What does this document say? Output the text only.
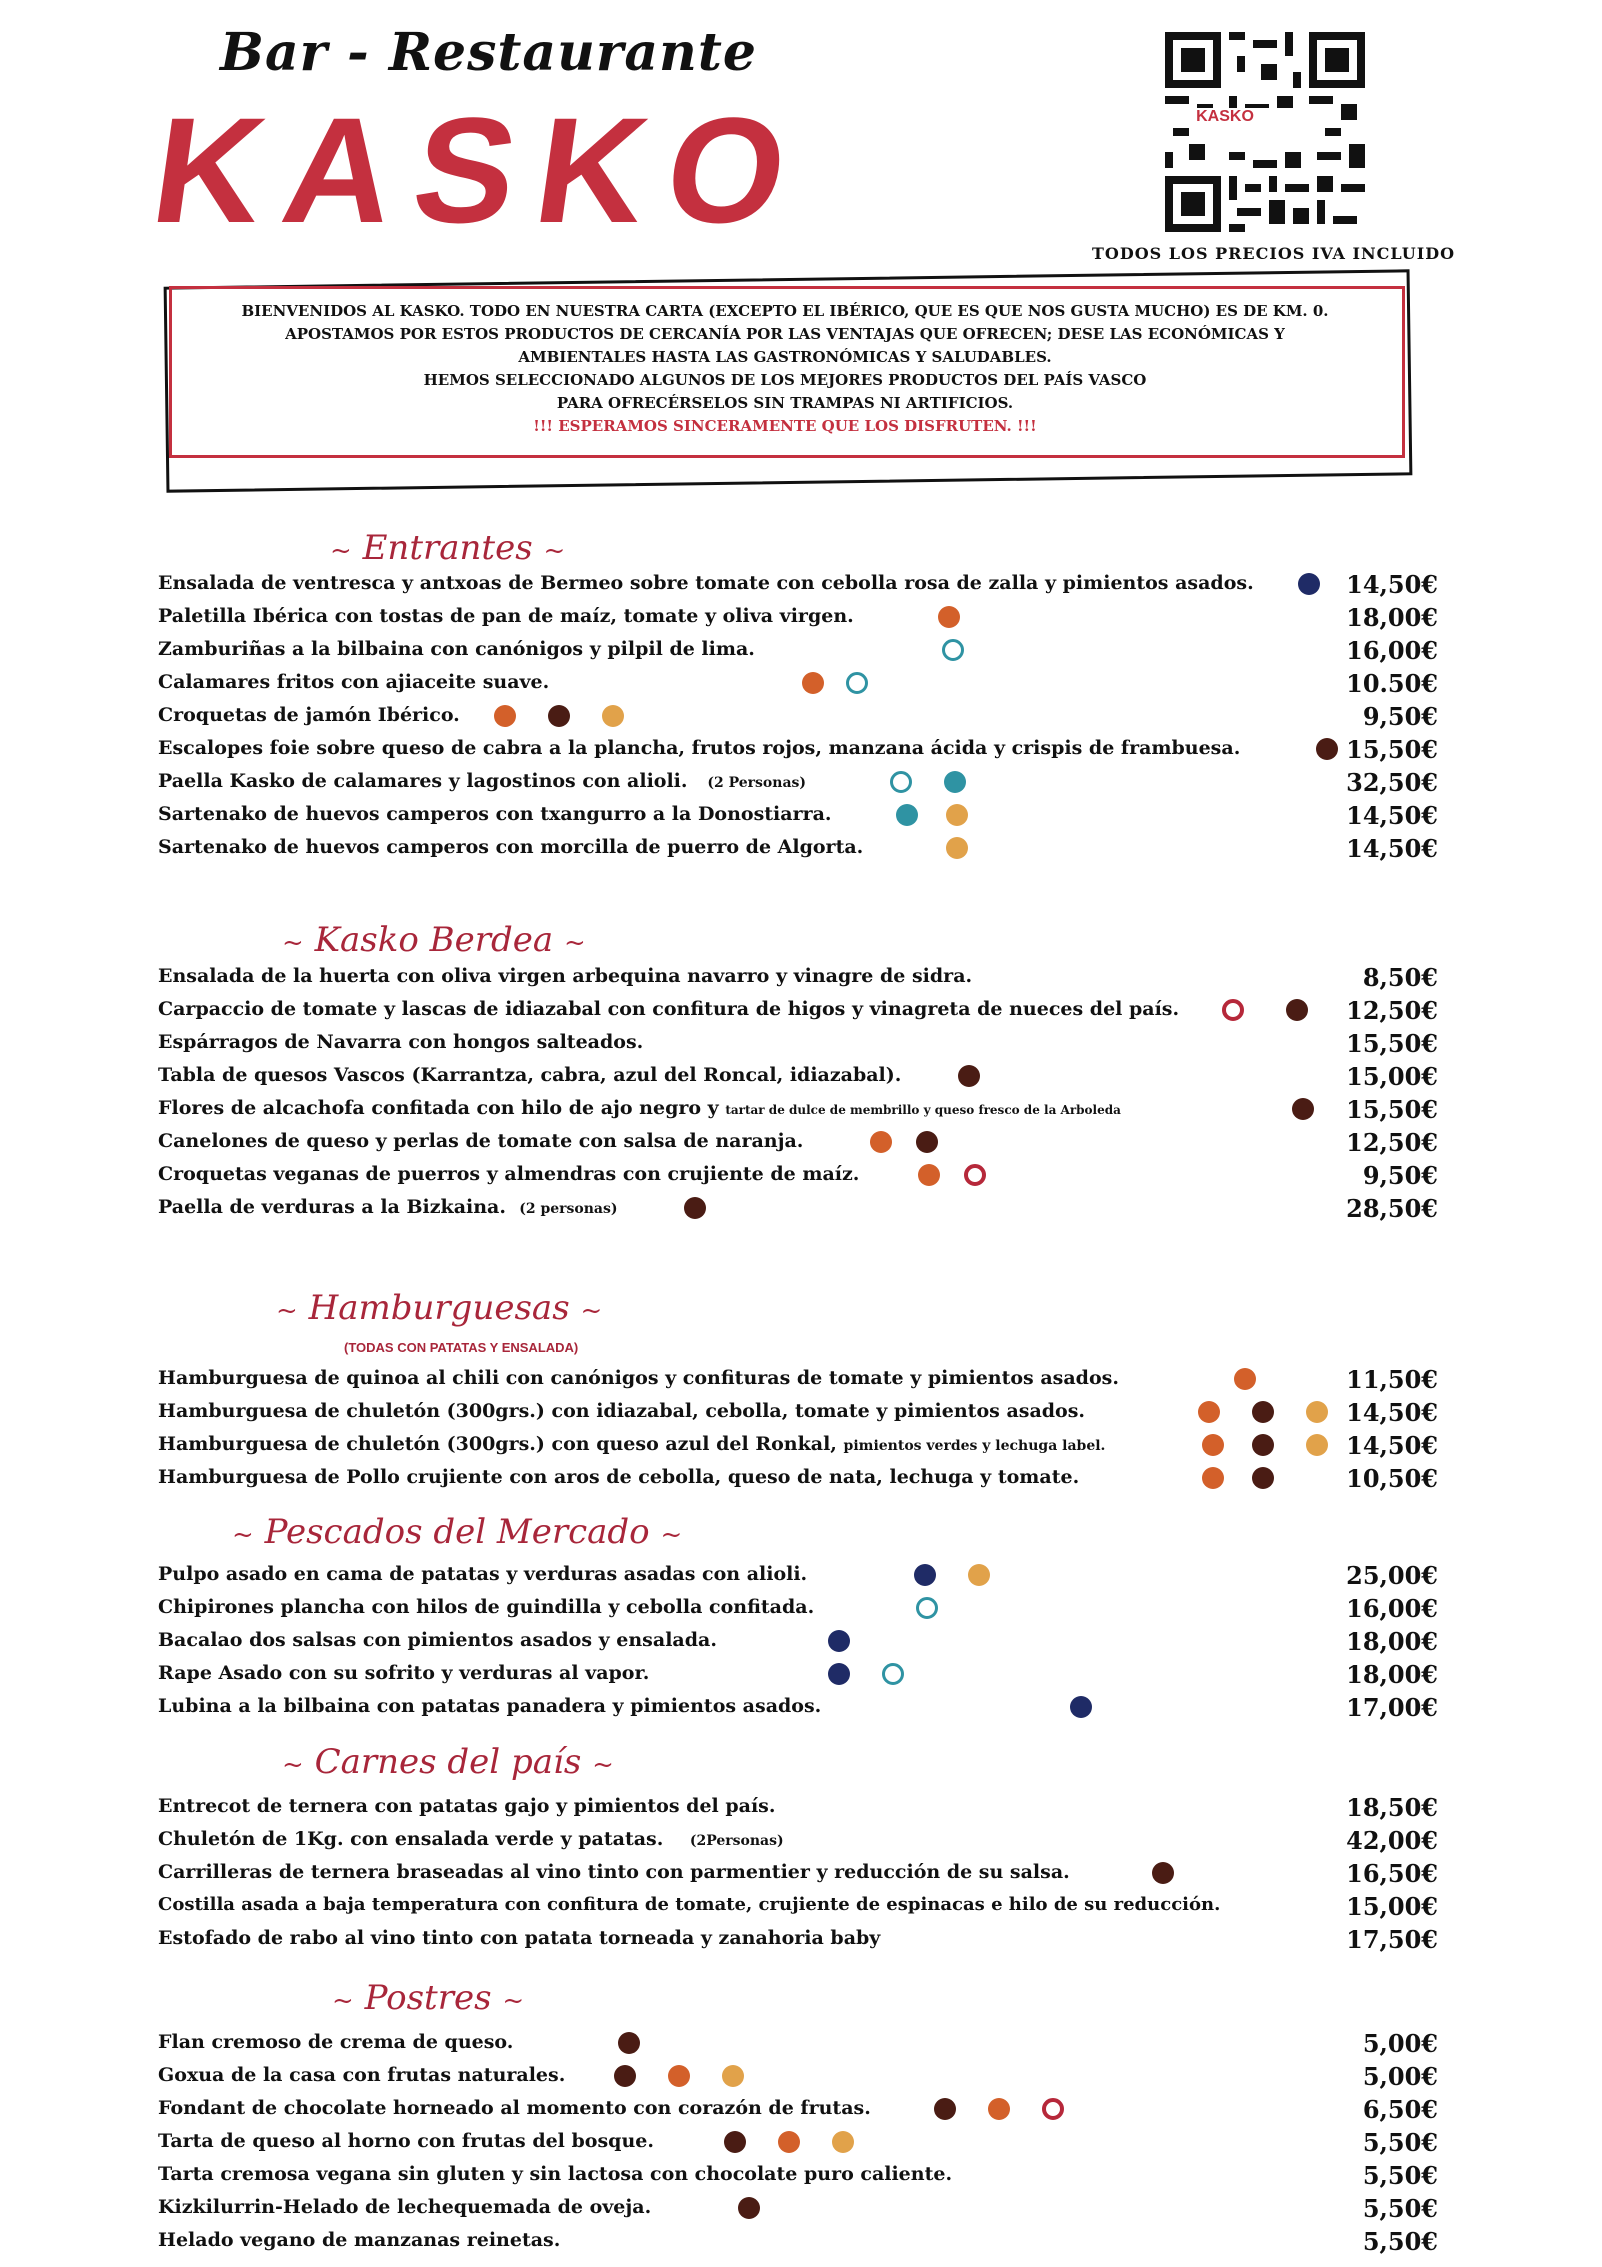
Bar - Restaurante
KASKO	KASKO
TODOS LOS PRECIOS IVA INCLUIDO
BIENVENIDOS AL KASKO. TODO EN NUESTRA CARTA (EXCEPTO EL IBÉRICO, QUE ES QUE NOS GUSTA MUCHO) ES DE KM. 0.
APOSTAMOS POR ESTOS PRODUCTOS DE CERCANÍA POR LAS VENTAJAS QUE OFRECEN; DESE LAS ECONÓMICAS Y
AMBIENTALES HASTA LAS GASTRONÓMICAS Y SALUDABLES.
HEMOS SELECCIONADO ALGUNOS DE LOS MEJORES PRODUCTOS DEL PAÍS VASCO
PARA OFRECÉRSELOS SIN TRAMPAS NI ARTIFICIOS.
!!! ESPERAMOS SINCERAMENTE QUE LOS DISFRUTEN. !!!
~ Entrantes ~
Ensalada de ventresca y antxoas de Bermeo sobre tomate con cebolla rosa de zalla y pimientos asados.	14,50€
Paletilla Ibérica con tostas de pan de maíz, tomate y oliva virgen.	18,00€
Zamburiñas a la bilbaina con canónigos y pilpil de lima.	16,00€
Calamares fritos con ajiaceite suave.	10.50€
Croquetas de jamón Ibérico.	9,50€
Escalopes foie sobre queso de cabra a la plancha, frutos rojos, manzana ácida y crispis de frambuesa.	15,50€
Paella Kasko de calamares y lagostinos con alioli. (2 Personas)	32,50€
Sartenako de huevos camperos con txangurro a la Donostiarra.	14,50€
Sartenako de huevos camperos con morcilla de puerro de Algorta.	14,50€
~ Kasko Berdea ~
Ensalada de la huerta con oliva virgen arbequina navarro y vinagre de sidra.	8,50€
Carpaccio de tomate y lascas de idiazabal con confitura de higos y vinagreta de nueces del país.	12,50€
Espárragos de Navarra con hongos salteados.	15,50€
Tabla de quesos Vascos (Karrantza, cabra, azul del Roncal, idiazabal).	15,00€
Flores de alcachofa confitada con hilo de ajo negro y tartar de dulce de membrillo y queso fresco de la Arboleda	15,50€
Canelones de queso y perlas de tomate con salsa de naranja.	12,50€
Croquetas veganas de puerros y almendras con crujiente de maíz.	9,50€
Paella de verduras a la Bizkaina. (2 personas)	28,50€
~ Hamburguesas ~
(TODAS CON PATATAS Y ENSALADA)
Hamburguesa de quinoa al chili con canónigos y confituras de tomate y pimientos asados.	11,50€
Hamburguesa de chuletón (300grs.) con idiazabal, cebolla, tomate y pimientos asados.	14,50€
Hamburguesa de chuletón (300grs.) con queso azul del Ronkal, pimientos verdes y lechuga label.	14,50€
Hamburguesa de Pollo crujiente con aros de cebolla, queso de nata, lechuga y tomate.	10,50€
~ Pescados del Mercado ~
Pulpo asado en cama de patatas y verduras asadas con alioli.	25,00€
Chipirones plancha con hilos de guindilla y cebolla confitada.	16,00€
Bacalao dos salsas con pimientos asados y ensalada.	18,00€
Rape Asado con su sofrito y verduras al vapor.	18,00€
Lubina a la bilbaina con patatas panadera y pimientos asados.	17,00€
~ Carnes del país ~
Entrecot de ternera con patatas gajo y pimientos del país.	18,50€
Chuletón de 1Kg. con ensalada verde y patatas. (2Personas)	42,00€
Carrilleras de ternera braseadas al vino tinto con parmentier y reducción de su salsa.	16,50€
Costilla asada a baja temperatura con confitura de tomate, crujiente de espinacas e hilo de su reducción.	15,00€
Estofado de rabo al vino tinto con patata torneada y zanahoria baby	17,50€
~ Postres ~
Flan cremoso de crema de queso.	5,00€
Goxua de la casa con frutas naturales.	5,00€
Fondant de chocolate horneado al momento con corazón de frutas.	6,50€
Tarta de queso al horno con frutas del bosque.	5,50€
Tarta cremosa vegana sin gluten y sin lactosa con chocolate puro caliente.	5,50€
Kizkilurrin-Helado de lechequemada de oveja.	5,50€
Helado vegano de manzanas reinetas.	5,50€
